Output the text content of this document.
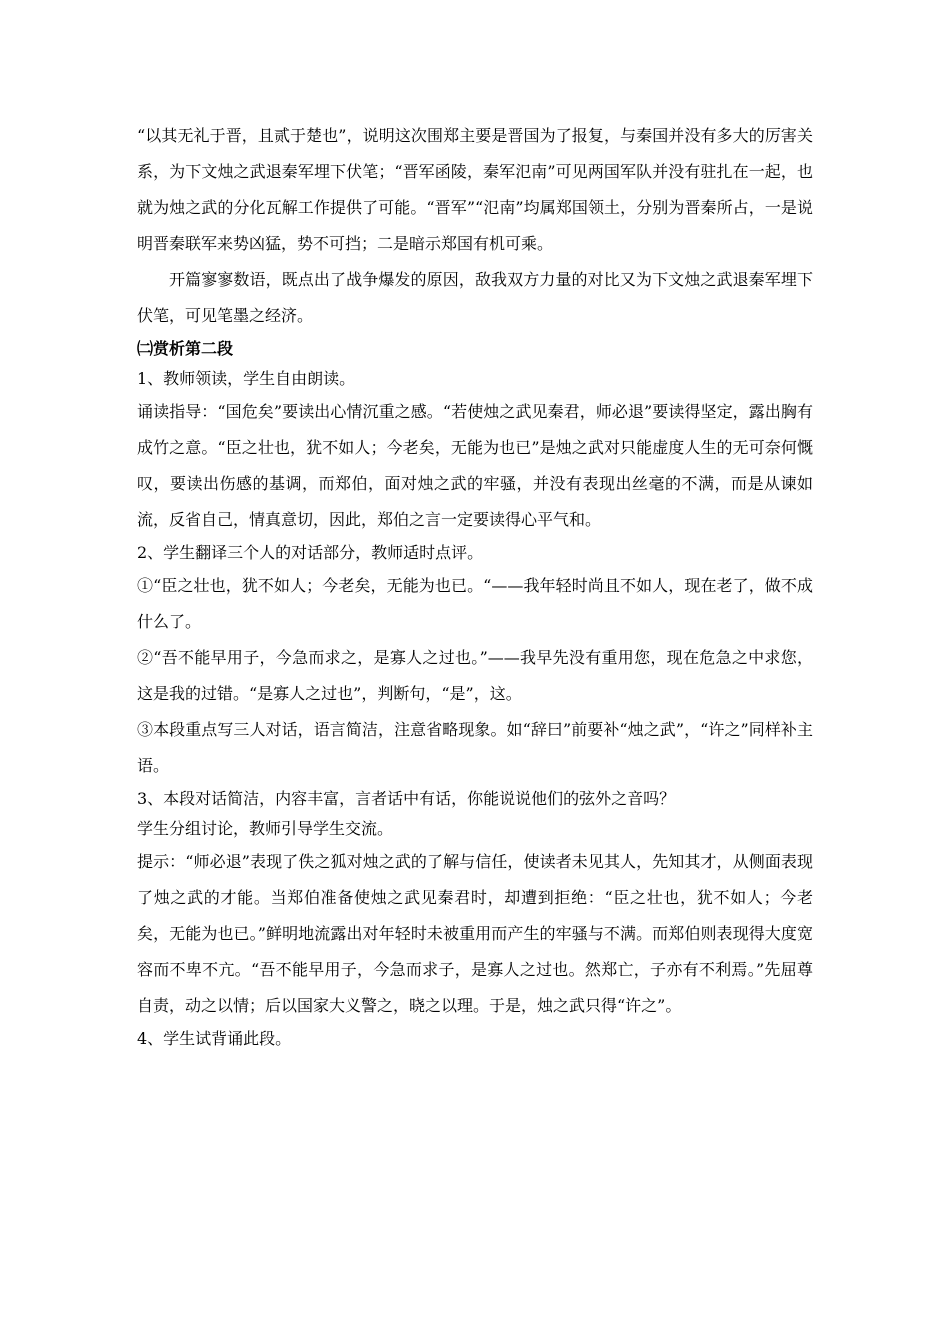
“以其无礼于晋，且贰于楚也”，说明这次围郑主要是晋国为了报复，与秦国并没有多大的厉害关系，为下文烛之武退秦军埋下伏笔；“晋军函陵，秦军氾南”可见两国军队并没有驻扎在一起，也就为烛之武的分化瓦解工作提供了可能。“晋军”“氾南”均属郑国领土，分别为晋秦所占，一是说明晋秦联军来势凶猛，势不可挡；二是暗示郑国有机可乘。

开篇寥寥数语，既点出了战争爆发的原因，敌我双方力量的对比又为下文烛之武退秦军埋下伏笔，可见笔墨之经济。

㈡赏析第二段

1、教师领读，学生自由朗读。

诵读指导：“国危矣”要读出心情沉重之感。“若使烛之武见秦君，师必退”要读得坚定，露出胸有成竹之意。“臣之壮也，犹不如人；今老矣，无能为也已”是烛之武对只能虚度人生的无可奈何慨叹，要读出伤感的基调，而郑伯，面对烛之武的牢骚，并没有表现出丝毫的不满，而是从谏如流，反省自己，情真意切，因此，郑伯之言一定要读得心平气和。

2、学生翻译三个人的对话部分，教师适时点评。

①“臣之壮也，犹不如人；今老矣，无能为也已。“——我年轻时尚且不如人，现在老了，做不成什么了。

②“吾不能早用子，今急而求之，是寡人之过也。”——我早先没有重用您，现在危急之中求您，这是我的过错。“是寡人之过也”，判断句，“是”，这。

③本段重点写三人对话，语言简洁，注意省略现象。如“辞曰”前要补“烛之武”，“许之”同样补主语。

3、本段对话简洁，内容丰富，言者话中有话，你能说说他们的弦外之音吗？

学生分组讨论，教师引导学生交流。

提示：“师必退”表现了佚之狐对烛之武的了解与信任，使读者未见其人，先知其才，从侧面表现了烛之武的才能。当郑伯准备使烛之武见秦君时，却遭到拒绝：“臣之壮也，犹不如人；今老矣，无能为也已。”鲜明地流露出对年轻时未被重用而产生的牢骚与不满。而郑伯则表现得大度宽容而不卑不亢。“吾不能早用子，今急而求子，是寡人之过也。然郑亡，子亦有不利焉。”先屈尊自责，动之以情；后以国家大义警之，晓之以理。于是，烛之武只得“许之”。

4、学生试背诵此段。
